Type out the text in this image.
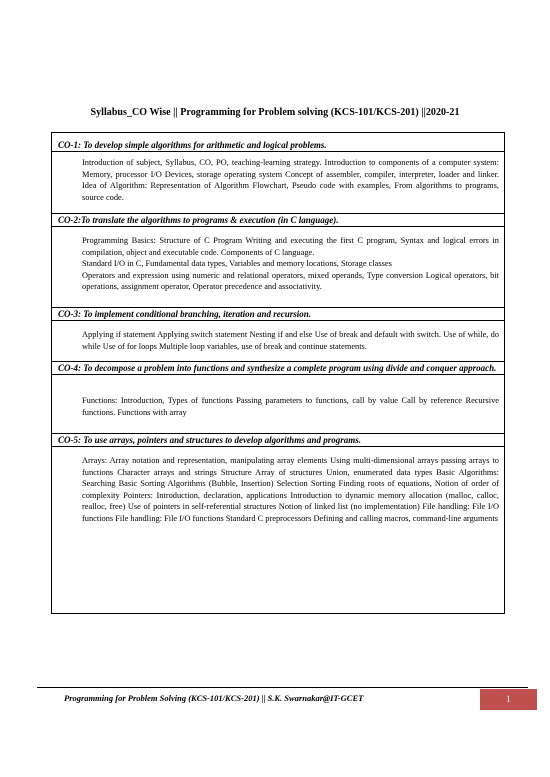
Syllabus_CO Wise || Programming for Problem solving (KCS-101/KCS-201) ||2020-21
CO-1: To develop simple algorithms for arithmetic and logical problems.

Introduction of subject, Syllabus, CO, PO, teaching-learning strategy. Introduction to components of a computer system: Memory, processor I/O Devices, storage operating system Concept of assembler, compiler, interpreter, loader and linker. Idea of Algorithm: Representation of Algorithm Flowchart, Pseudo code with examples, From algorithms to programs, source code.

CO-2:To translate the algorithms to programs & execution (in C language).

Programming Basics: Structure of C Program Writing and executing the first C program, Syntax and logical errors in compilation, object and executable code. Components of C language.

Standard I/O in C, Fundamental data types, Variables and memory locations, Storage classes

Operators and expression using numeric and relational operators, mixed operands, Type conversion Logical operators, bit operations, assignment operator, Operator precedence and associativity.

CO-3: To implement conditional branching, iteration and recursion.

Applying if statement Applying switch statement Nesting if and else Use of break and default with switch. Use of while, do while Use of for loops Multiple loop variables, use of break and continue statements.

CO-4: To decompose a problem into functions and synthesize a complete program using divide and conquer approach.

Functions: Introduction, Types of functions Passing parameters to functions, call by value Call by reference Recursive functions. Functions with array

CO-5: To use arrays, pointers and structures to develop algorithms and programs.

Arrays: Array notation and representation, manipulating array elements Using multi-dimensional arrays passing arrays to functions Character arrays and strings Structure Array of structures Union, enumerated data types Basic Algorithms: Searching Basic Sorting Algorithms (Bubble, Insertion) Selection Sorting Finding roots of equations, Notion of order of complexity Pointers: Introduction, declaration, applications Introduction to dynamic memory allocation (malloc, calloc, realloc, free) Use of pointers in self-referential structures Notion of linked list (no implementation) File handling: File I/O functions File handling: File I/O functions Standard C preprocessors Defining and calling macros, command-line arguments

Programming for Problem Solving (KCS-101/KCS-201) || S.K. Swarnakar@IT-GCET	1
